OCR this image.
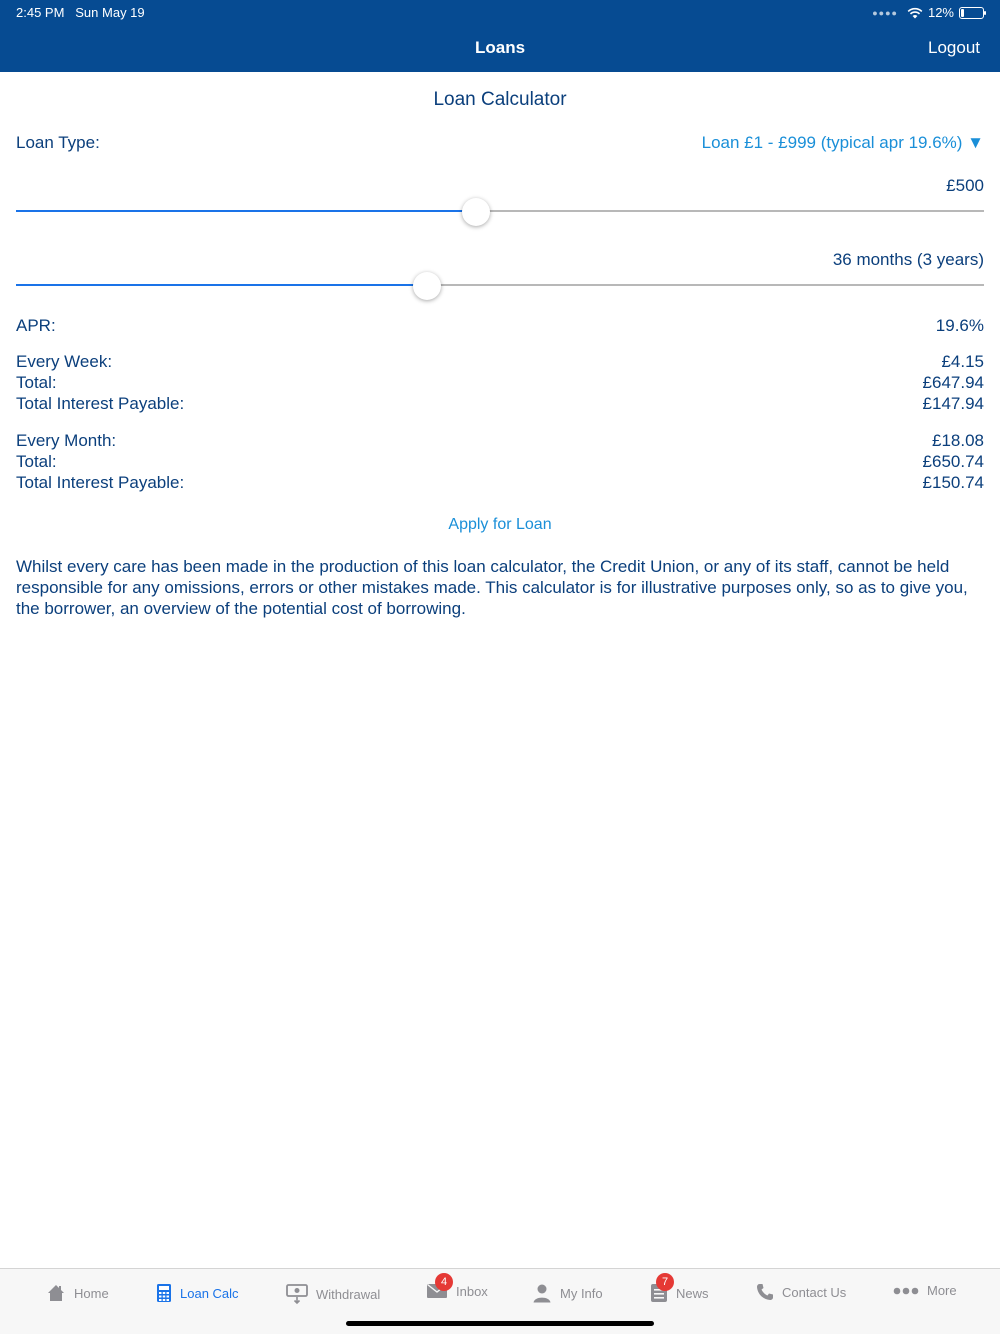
2:45 PM Sun May 19	●●●● 12%
Loans	Logout
Loan Calculator
Loan Type:	Loan £1 - £999 (typical apr 19.6%) ▼
£500
36 months (3 years)
APR:	19.6%
Every Week:	£4.15
Total:	£647.94
Total Interest Payable:	£147.94
Every Month:	£18.08
Total:	£650.74
Total Interest Payable:	£150.74
Apply for Loan

Whilst every care has been made in the production of this loan calculator, the Credit Union, or any of its staff, cannot be held responsible for any omissions, errors or other mistakes made. This calculator is for illustrative purposes only, so as to give you, the borrower, an overview of the potential cost of borrowing.

Home	Loan Calc	Withdrawal	Inbox
4
My Info	News
7
Contact Us	More
